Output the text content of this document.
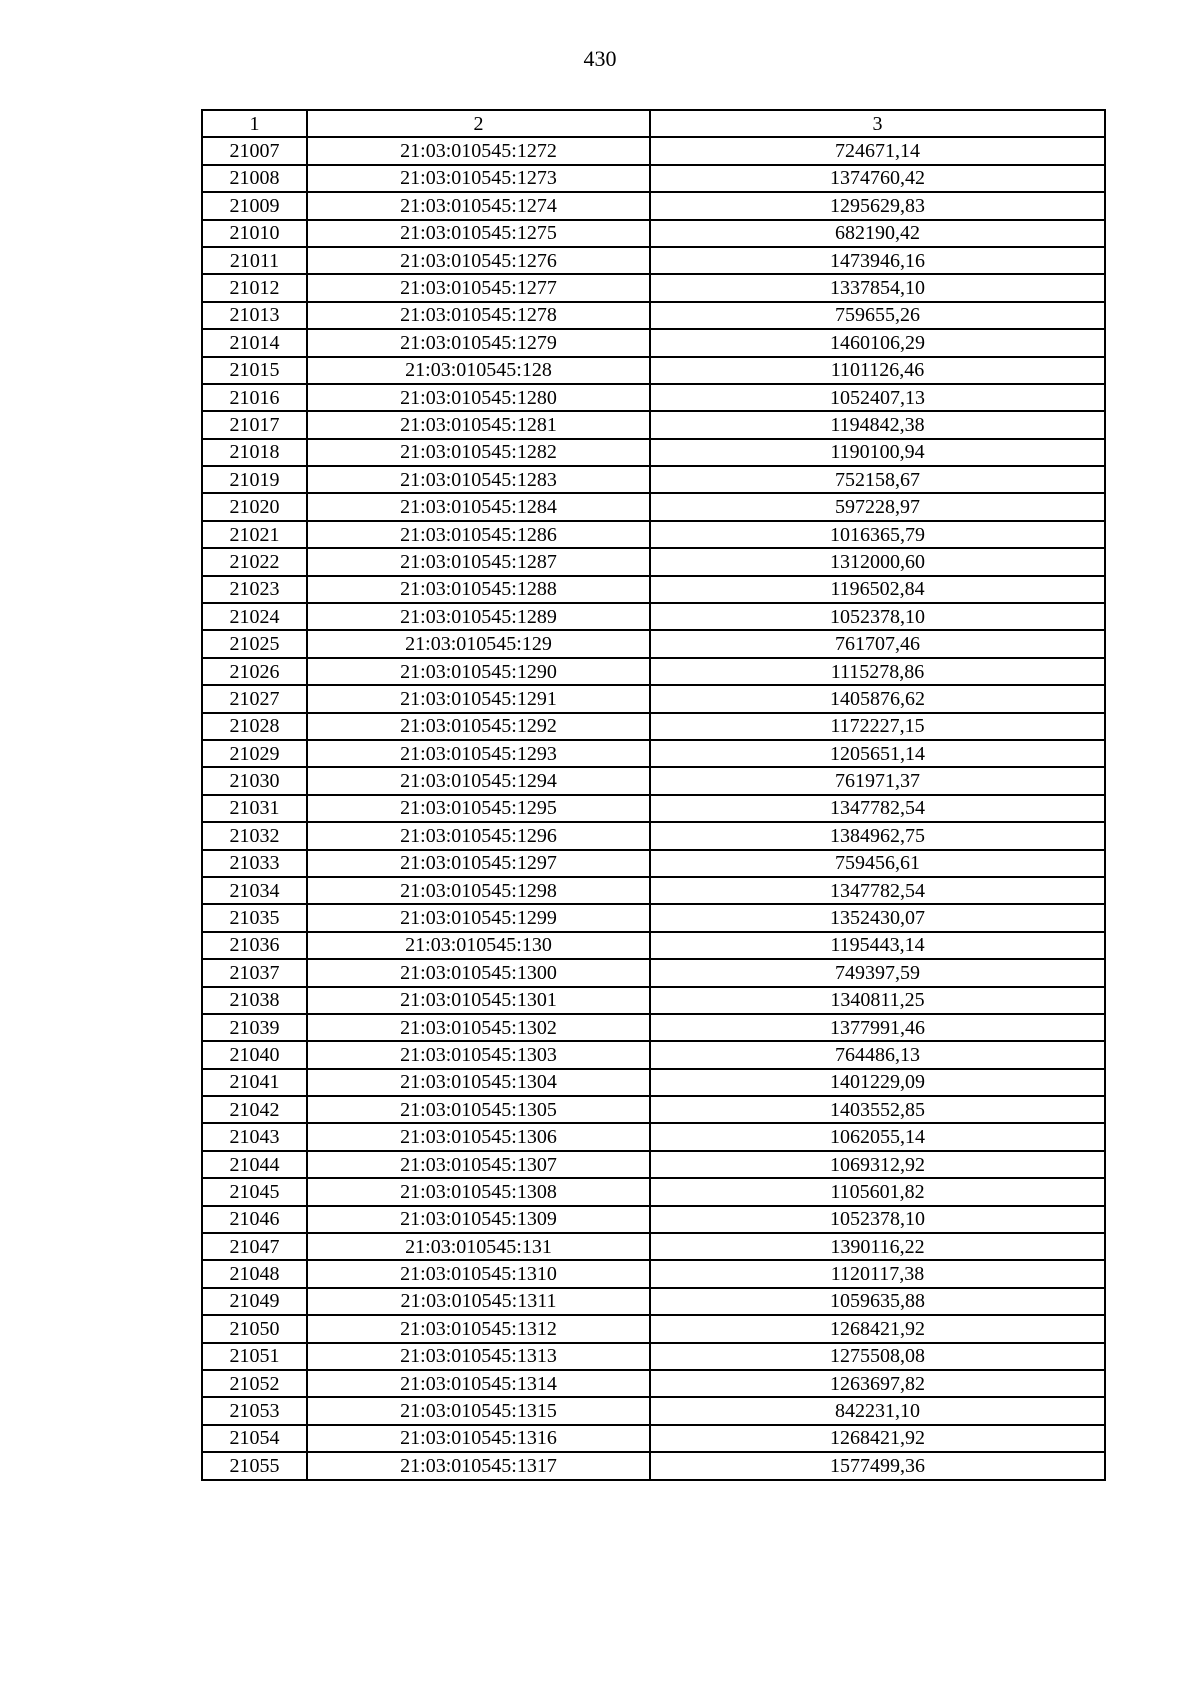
430
1	2	3
21007	21:03:010545:1272	724671,14
21008	21:03:010545:1273	1374760,42
21009	21:03:010545:1274	1295629,83
21010	21:03:010545:1275	682190,42
21011	21:03:010545:1276	1473946,16
21012	21:03:010545:1277	1337854,10
21013	21:03:010545:1278	759655,26
21014	21:03:010545:1279	1460106,29
21015	21:03:010545:128	1101126,46
21016	21:03:010545:1280	1052407,13
21017	21:03:010545:1281	1194842,38
21018	21:03:010545:1282	1190100,94
21019	21:03:010545:1283	752158,67
21020	21:03:010545:1284	597228,97
21021	21:03:010545:1286	1016365,79
21022	21:03:010545:1287	1312000,60
21023	21:03:010545:1288	1196502,84
21024	21:03:010545:1289	1052378,10
21025	21:03:010545:129	761707,46
21026	21:03:010545:1290	1115278,86
21027	21:03:010545:1291	1405876,62
21028	21:03:010545:1292	1172227,15
21029	21:03:010545:1293	1205651,14
21030	21:03:010545:1294	761971,37
21031	21:03:010545:1295	1347782,54
21032	21:03:010545:1296	1384962,75
21033	21:03:010545:1297	759456,61
21034	21:03:010545:1298	1347782,54
21035	21:03:010545:1299	1352430,07
21036	21:03:010545:130	1195443,14
21037	21:03:010545:1300	749397,59
21038	21:03:010545:1301	1340811,25
21039	21:03:010545:1302	1377991,46
21040	21:03:010545:1303	764486,13
21041	21:03:010545:1304	1401229,09
21042	21:03:010545:1305	1403552,85
21043	21:03:010545:1306	1062055,14
21044	21:03:010545:1307	1069312,92
21045	21:03:010545:1308	1105601,82
21046	21:03:010545:1309	1052378,10
21047	21:03:010545:131	1390116,22
21048	21:03:010545:1310	1120117,38
21049	21:03:010545:1311	1059635,88
21050	21:03:010545:1312	1268421,92
21051	21:03:010545:1313	1275508,08
21052	21:03:010545:1314	1263697,82
21053	21:03:010545:1315	842231,10
21054	21:03:010545:1316	1268421,92
21055	21:03:010545:1317	1577499,36
